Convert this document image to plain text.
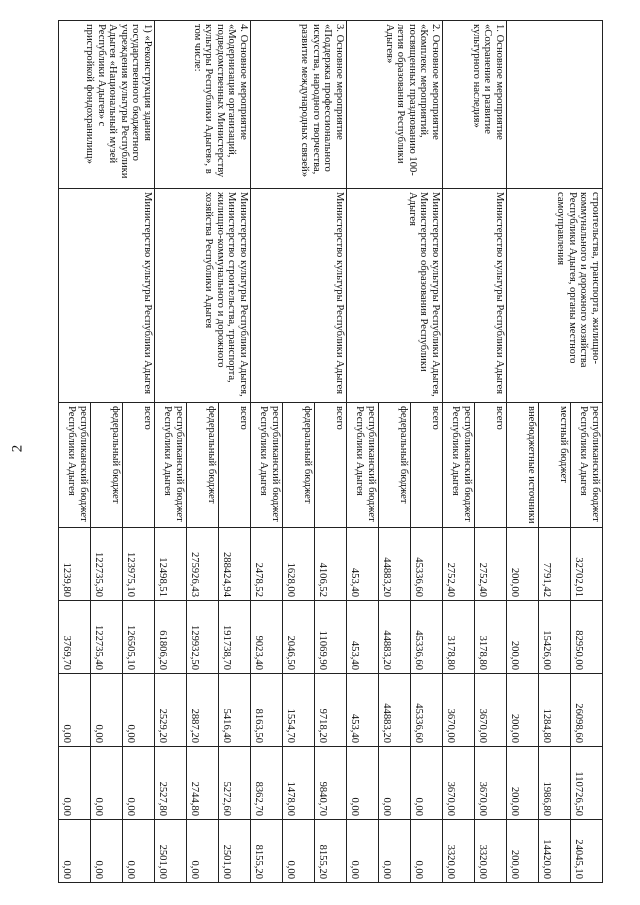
2
	строительства, транспорта, жилищно-коммунального и дорожного хозяйства Республики Адыгея, органы местного самоуправления	республиканский бюджет Республики Адыгея	32702,01	82950,00	26098,60	110726,50	24045,10
		местный бюджет	7791,42	15426,00	1284,80	1986,80	14420,00
		внебюджетные источники	200,00	200,00	200,00	200,00	200,00
1. Основное мероприятие «Сохранение и развитие культурного наследия»	Министерство культуры Республики Адыгея	всего	2752,40	3178,80	3670,00	3670,00	3320,00
		республиканский бюджет Республики Адыгея	2752,40	3178,80	3670,00	3670,00	3320,00
2. Основное мероприятие «Комплекс мероприятий, посвященных празднованию 100-летия образования Республики Адыгея»	Министерство культуры Республики Адыгея, Министерство образования Республики Адыгея	всего	45336,60	45336,60	45336,60	0,00	0,00
		федеральный бюджет	44883,20	44883,20	44883,20	0,00	0,00
		республиканский бюджет Республики Адыгея	453,40	453,40	453,40	0,00	0,00
3. Основное мероприятие «Поддержка профессионального искусства, народного творчества, развитие международных связей»	Министерство культуры Республики Адыгея	всего	4106,52	11069,90	9718,20	9840,70	8155,20
		федеральный бюджет	1628,00	2046,50	1554,70	1478,00	0,00
		республиканский бюджет Республики Адыгея	2478,52	9023,40	8163,50	8362,70	8155,20
4. Основное мероприятие «Модернизация организаций, подведомственных Министерству культуры Республики Адыгея», в том числе:	Министерство культуры Республики Адыгея, Министерство строительства, транспорта, жилищно-коммунального и дорожного хозяйства Республики Адыгея	всего	288424,94	191738,70	5416,40	5272,60	2501,00
		федеральный бюджет	275926,43	129932,50	2887,20	2744,80	0,00
		республиканский бюджет Республики Адыгея	12498,51	61806,20	2529,20	2527,80	2501,00
1) «Реконструкция здания государственного бюджетного учреждения культуры Республики Адыгея «Национальный музей Республики Адыгея» с пристройкой фондохранилищ»	Министерство культуры Республики Адыгея	всего	123975,10	126505,10	0,00	0,00	0,00
		федеральный бюджет	122735,30	122735,40	0,00	0,00	0,00
		республиканский бюджет Республики Адыгея	1239,80	3769,70	0,00	0,00	0,00
